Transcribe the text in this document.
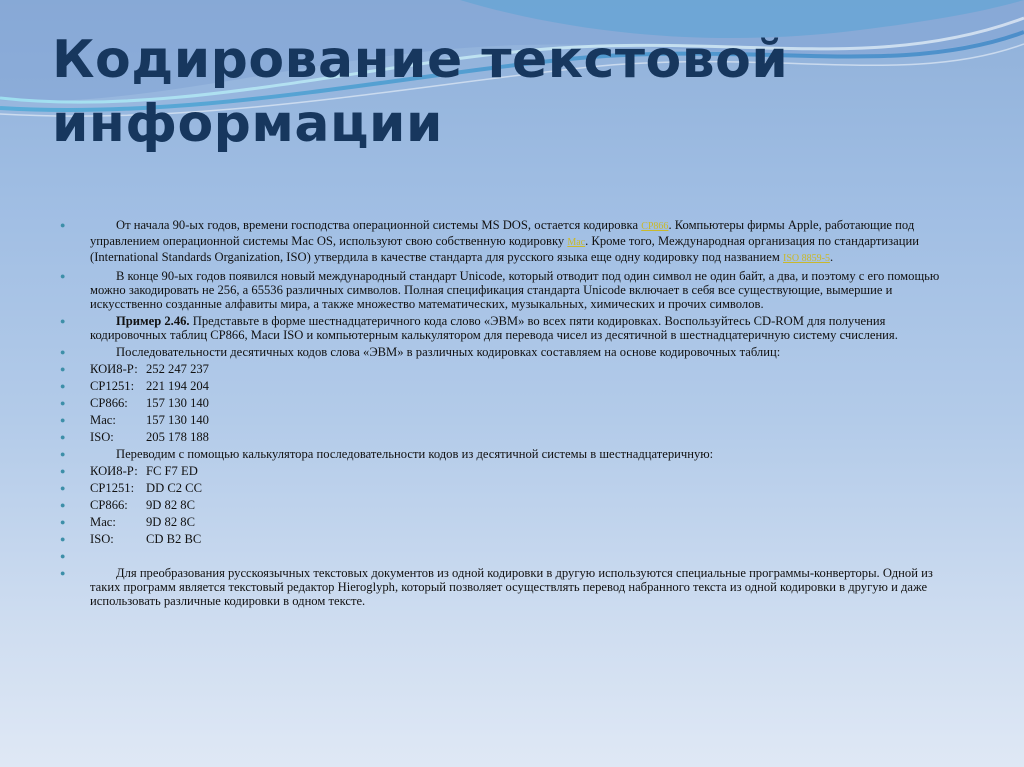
Кодирование текстовой информации
●	От начала 90-ых годов, времени господства операционной системы MS DOS, остается кодировка CP866. Компьютеры фирмы Apple, работающие под управлением операционной системы Mac OS, используют свою собственную кодировку Mac. Кроме того, Международная организация по стандартизации (International Standards Organization, ISO) утвердила в качестве стандарта для русского языка еще одну кодировку под названием ISO 8859-5.
●	В конце 90-ых годов появился новый международный стандарт Unicode, который отводит под один символ не один байт, а два, и поэтому с его помощью можно закодировать не 256, а 65536 различных символов. Полная спецификация стандарта Unicode включает в себя все существующие, вымершие и искусственно созданные алфавиты мира, а также множество математических, музыкальных, химических и прочих символов.
●	Пример 2.46. Представьте в форме шестнадцатеричного кода слово «ЭВМ» во всех пяти кодировках. Воспользуйтесь CD-ROM для получения кодировочных таблиц CP866, Маси ISO и компьютерным калькулятором для перевода чисел из десятичной в шестнадцатеричную систему счисления.
●	Последовательности десятичных кодов слова «ЭВМ» в различных кодировках составляем на основе кодировочных таблиц:
● КОИ8-Р: 252 247 237
● СР1251: 221 194 204
● СР866: 157 130 140
● Mac: 157 130 140
● ISO:	205 178 188
●	Переводим с помощью калькулятора последовательности кодов из десятичной системы в шестнадцатеричную:
● КОИ8-Р: FC F7 ED
● СР1251: DD C2 CC
● СР866: 9D 82 8C
● Mac: 9D 82 8C
● ISO:	CD B2 BC
●
●	Для преобразования русскоязычных текстовых документов из одной кодировки в другую используются специальные программы-конверторы. Одной из таких программ является текстовый редактор Hieroglyph, который позволяет осуществлять перевод набранного текста из одной кодировки в другую и даже использовать различные кодировки в одном тексте.
